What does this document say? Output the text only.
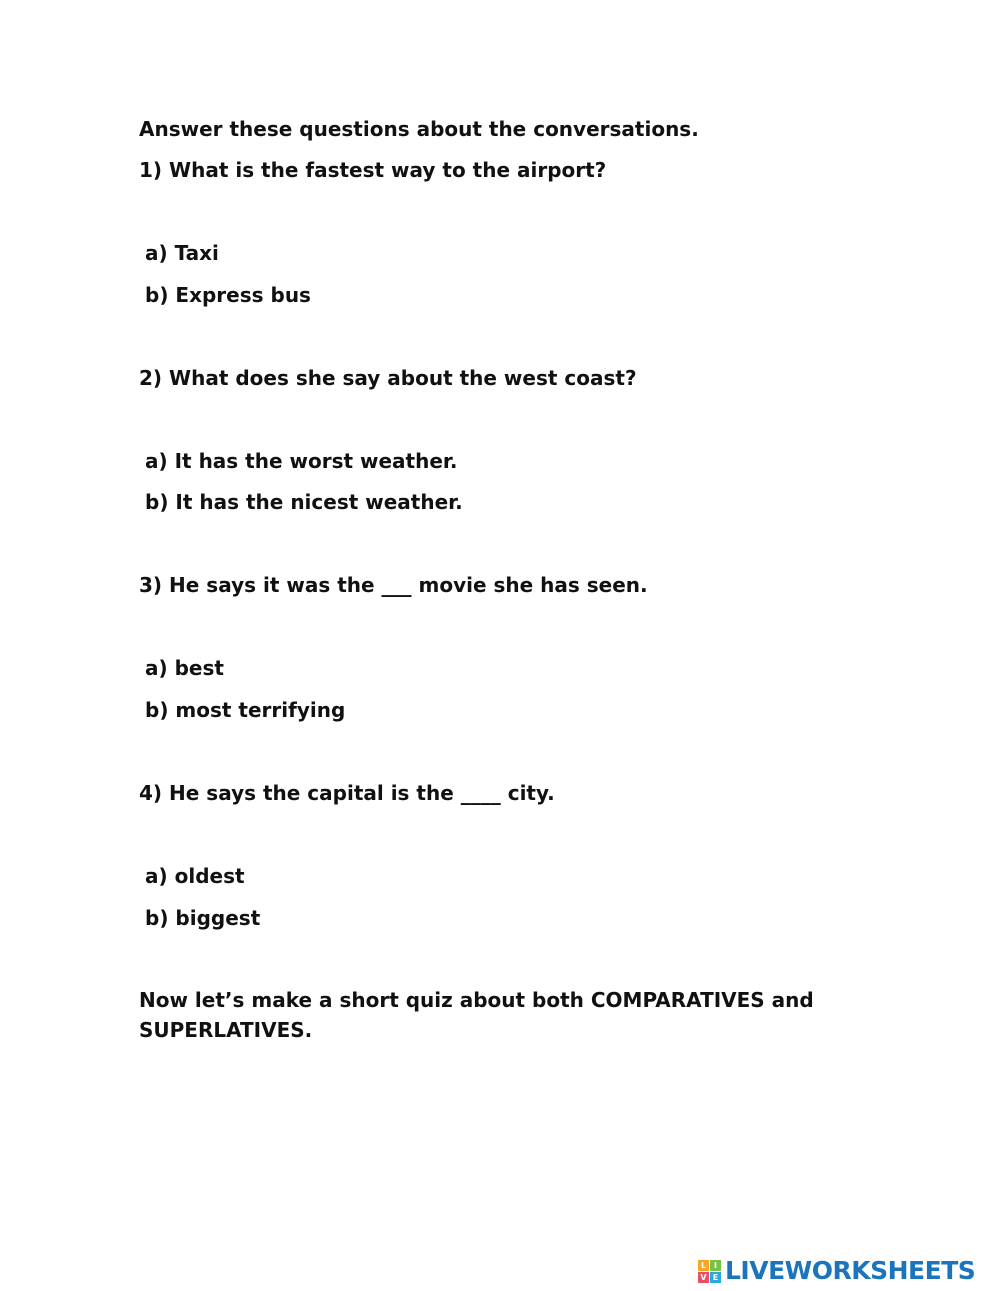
Answer these questions about the conversations.

1) What is the fastest way to the airport?

a) Taxi

b) Express bus

2) What does she say about the west coast?

a) It has the worst weather.

b) It has the nicest weather.

3) He says it was the ___ movie she has seen.

a) best

b) most terrifying

4) He says the capital is the ____ city.

a) oldest

b) biggest

Now let’s make a short quiz about both COMPARATIVES and SUPERLATIVES.

L I
V E LIVEWORKSHEETS
